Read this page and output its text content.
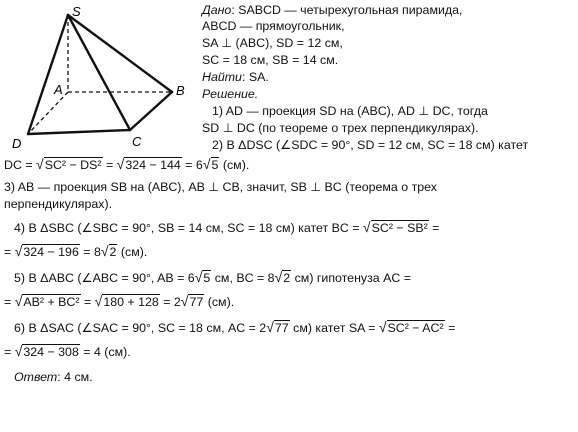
S
A	B
C
D
Дано: SABCD — четырехугольная пирамида,
ABCD — прямоугольник,
SA ⊥ (ABC), SD = 12 см,
SC = 18 см, SB = 14 см.
Найти: SA.
Решение.
1) AD — проекция SD на (ABC), AD ⊥ DC, тогда
SD ⊥ DC (по теореме о трех перпендикулярах).
2) В ΔDSC (∠SDC = 90°, SD = 12 см, SC = 18 см) катет
DC = √SC² − DS² = √324 − 144 = 6√5 (см).
3) AB — проекция SB на (ABC), AB ⊥ CB, значит, SB ⊥ BC (теорема о трех
перпендикулярах).
4) В ΔSBC (∠SBC = 90°, SB = 14 см, SC = 18 см) катет BC = √SC² − SB² =
= √324 − 196 = 8√2 (см).
5) В ΔABC (∠ABC = 90°, AB = 6√5 см, BC = 8√2 см) гипотенуза AC =
= √AB² + BC² = √180 + 128 = 2√77 (см).
6) В ΔSAC (∠SAC = 90°, SC = 18 см, AC = 2√77 см) катет SA = √SC² − AC² =
= √324 − 308 = 4 (см).
Ответ: 4 см.
